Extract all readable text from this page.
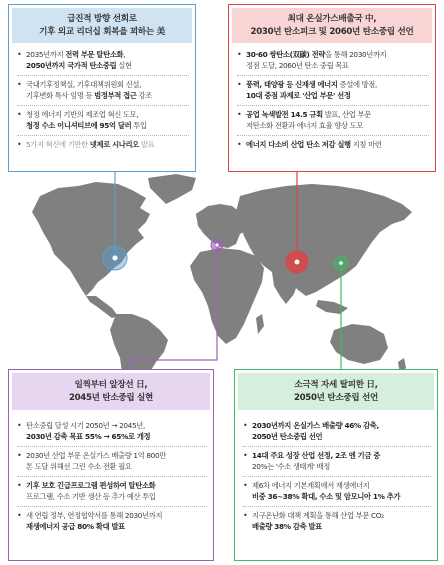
급진적 방향 선회로
기후 외교 리더십 회복을 꾀하는 美
• 2035년까지 전력 부문 탈탄소화,
2050년까지 국가적 탄소중립 실현
• 국내기후정책실, 기후대책위원회 신설,
기후변화 특사 임명 등 범정부적 접근 강조
• 청정 에너지 기반의 제조업 혁신 도모,
청정 수소 이니셔티브에 95억 달러 투입
• 5가지 혁신에 기반한 넷제로 시나리오 발표
최대 온실가스배출국 中,
2030년 탄소피크 및 2060년 탄소중립 선언
• 30·60 쌍탄소(双碳) 전략을 통해 2030년까지
정점 도달, 2060년 탄소 중립 목표
• 풍력, 태양광 등 신재생 에너지 증설에 방점,
10대 중점 과제로 '산업 부문' 선정
• 공업 녹색발전 14.5 규획 발표, 산업 부문
저탄소화 전환과 에너지 효율 향상 도모
• 에너지 다소비 산업 탄소 저감 실행 지침 마련
일찍부터 앞장선 日,
2045년 탄소중립 실현
• 탄소중립 달성 시기 2050년 → 2045년,
2030년 감축 목표 55% → 65%로 개정
• 2030년 산업 부문 온실가스 배출량 1억 800만
톤 도달 위해선 그린 수소 전환 필요
• 기후 보호 긴급프로그램 편성하여 탈탄소화
프로그램, 수소 기반 생산 등 추가 예산 투입
• 새 연립 정부, 연정협약서를 통해 2030년까지
재생에너지 공급 80% 확대 발표
소극적 자세 탈피한 日,
2050년 탄소중립 선언
• 2030년까지 온실가스 배출량 46% 감축,
2050년 탄소중립 선언
• 14대 주요 성장 산업 선정, 2조 엔 기금 중
20%는 '수소 생태계' 배정
• 제6차 에너지 기본계획에서 재생에너지
비중 36~38% 확대, 수소 및 암모니아 1% 추가
• 지구온난화 대책 계획을 통해 산업 부문 CO₂
배출량 38% 감축 발표
